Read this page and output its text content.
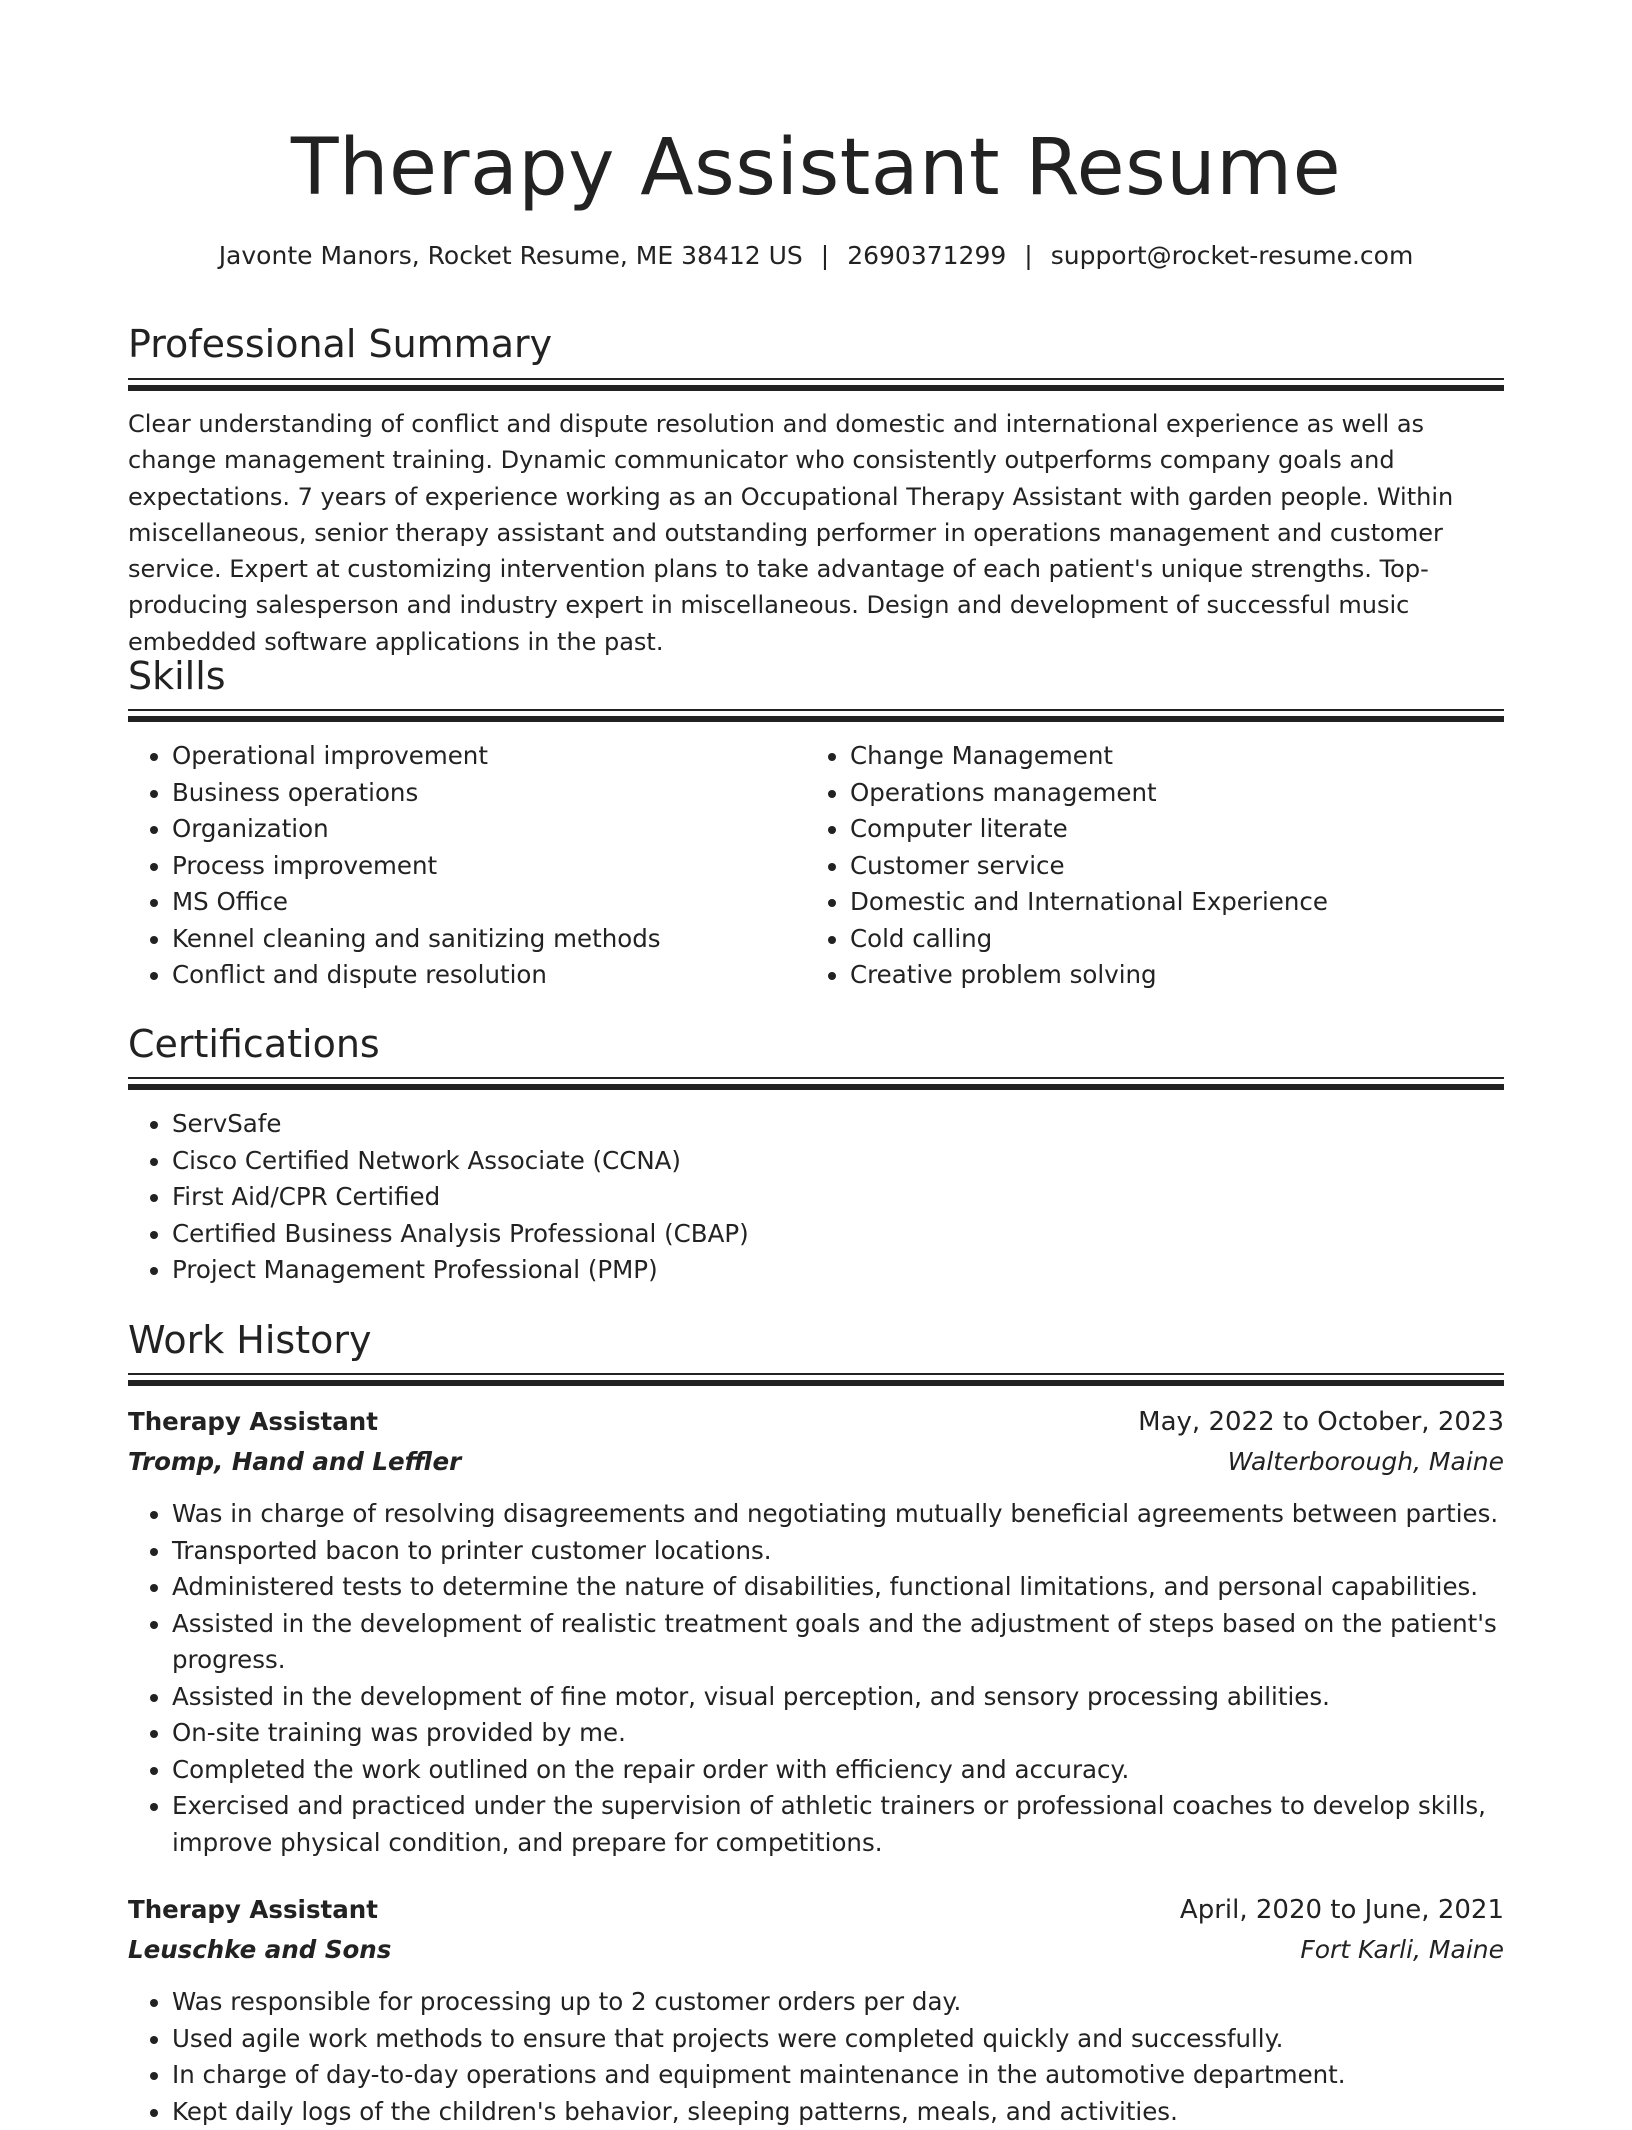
Therapy Assistant Resume
Javonte Manors, Rocket Resume, ME 38412 US | 2690371299 | support@rocket-resume.com
Professional Summary

Clear understanding of conflict and dispute resolution and domestic and international experience as well as change management training. Dynamic communicator who consistently outperforms company goals and expectations. 7 years of experience working as an Occupational Therapy Assistant with garden people. Within miscellaneous, senior therapy assistant and outstanding performer in operations management and customer service. Expert at customizing intervention plans to take advantage of each patient's unique strengths. Top-producing salesperson and industry expert in miscellaneous. Design and development of successful music embedded software applications in the past.

Skills
• Operational improvement
• Business operations
• Organization
• Process improvement
• MS Office
• Kennel cleaning and sanitizing methods
• Conflict and dispute resolution
• Change Management
• Operations management
• Computer literate
• Customer service
• Domestic and International Experience
• Cold calling
• Creative problem solving
Certifications
• ServSafe
• Cisco Certified Network Associate (CCNA)
• First Aid/CPR Certified
• Certified Business Analysis Professional (CBAP)
• Project Management Professional (PMP)
Work History
Therapy Assistant	May, 2022 to October, 2023
Tromp, Hand and Leffler	Walterborough, Maine
• Was in charge of resolving disagreements and negotiating mutually beneficial agreements between parties.
• Transported bacon to printer customer locations.
• Administered tests to determine the nature of disabilities, functional limitations, and personal capabilities.
• Assisted in the development of realistic treatment goals and the adjustment of steps based on the patient's progress.
• Assisted in the development of fine motor, visual perception, and sensory processing abilities.
• On-site training was provided by me.
• Completed the work outlined on the repair order with efficiency and accuracy.
• Exercised and practiced under the supervision of athletic trainers or professional coaches to develop skills, improve physical condition, and prepare for competitions.
Therapy Assistant	April, 2020 to June, 2021
Leuschke and Sons	Fort Karli, Maine
• Was responsible for processing up to 2 customer orders per day.
• Used agile work methods to ensure that projects were completed quickly and successfully.
• In charge of day-to-day operations and equipment maintenance in the automotive department.
• Kept daily logs of the children's behavior, sleeping patterns, meals, and activities.
